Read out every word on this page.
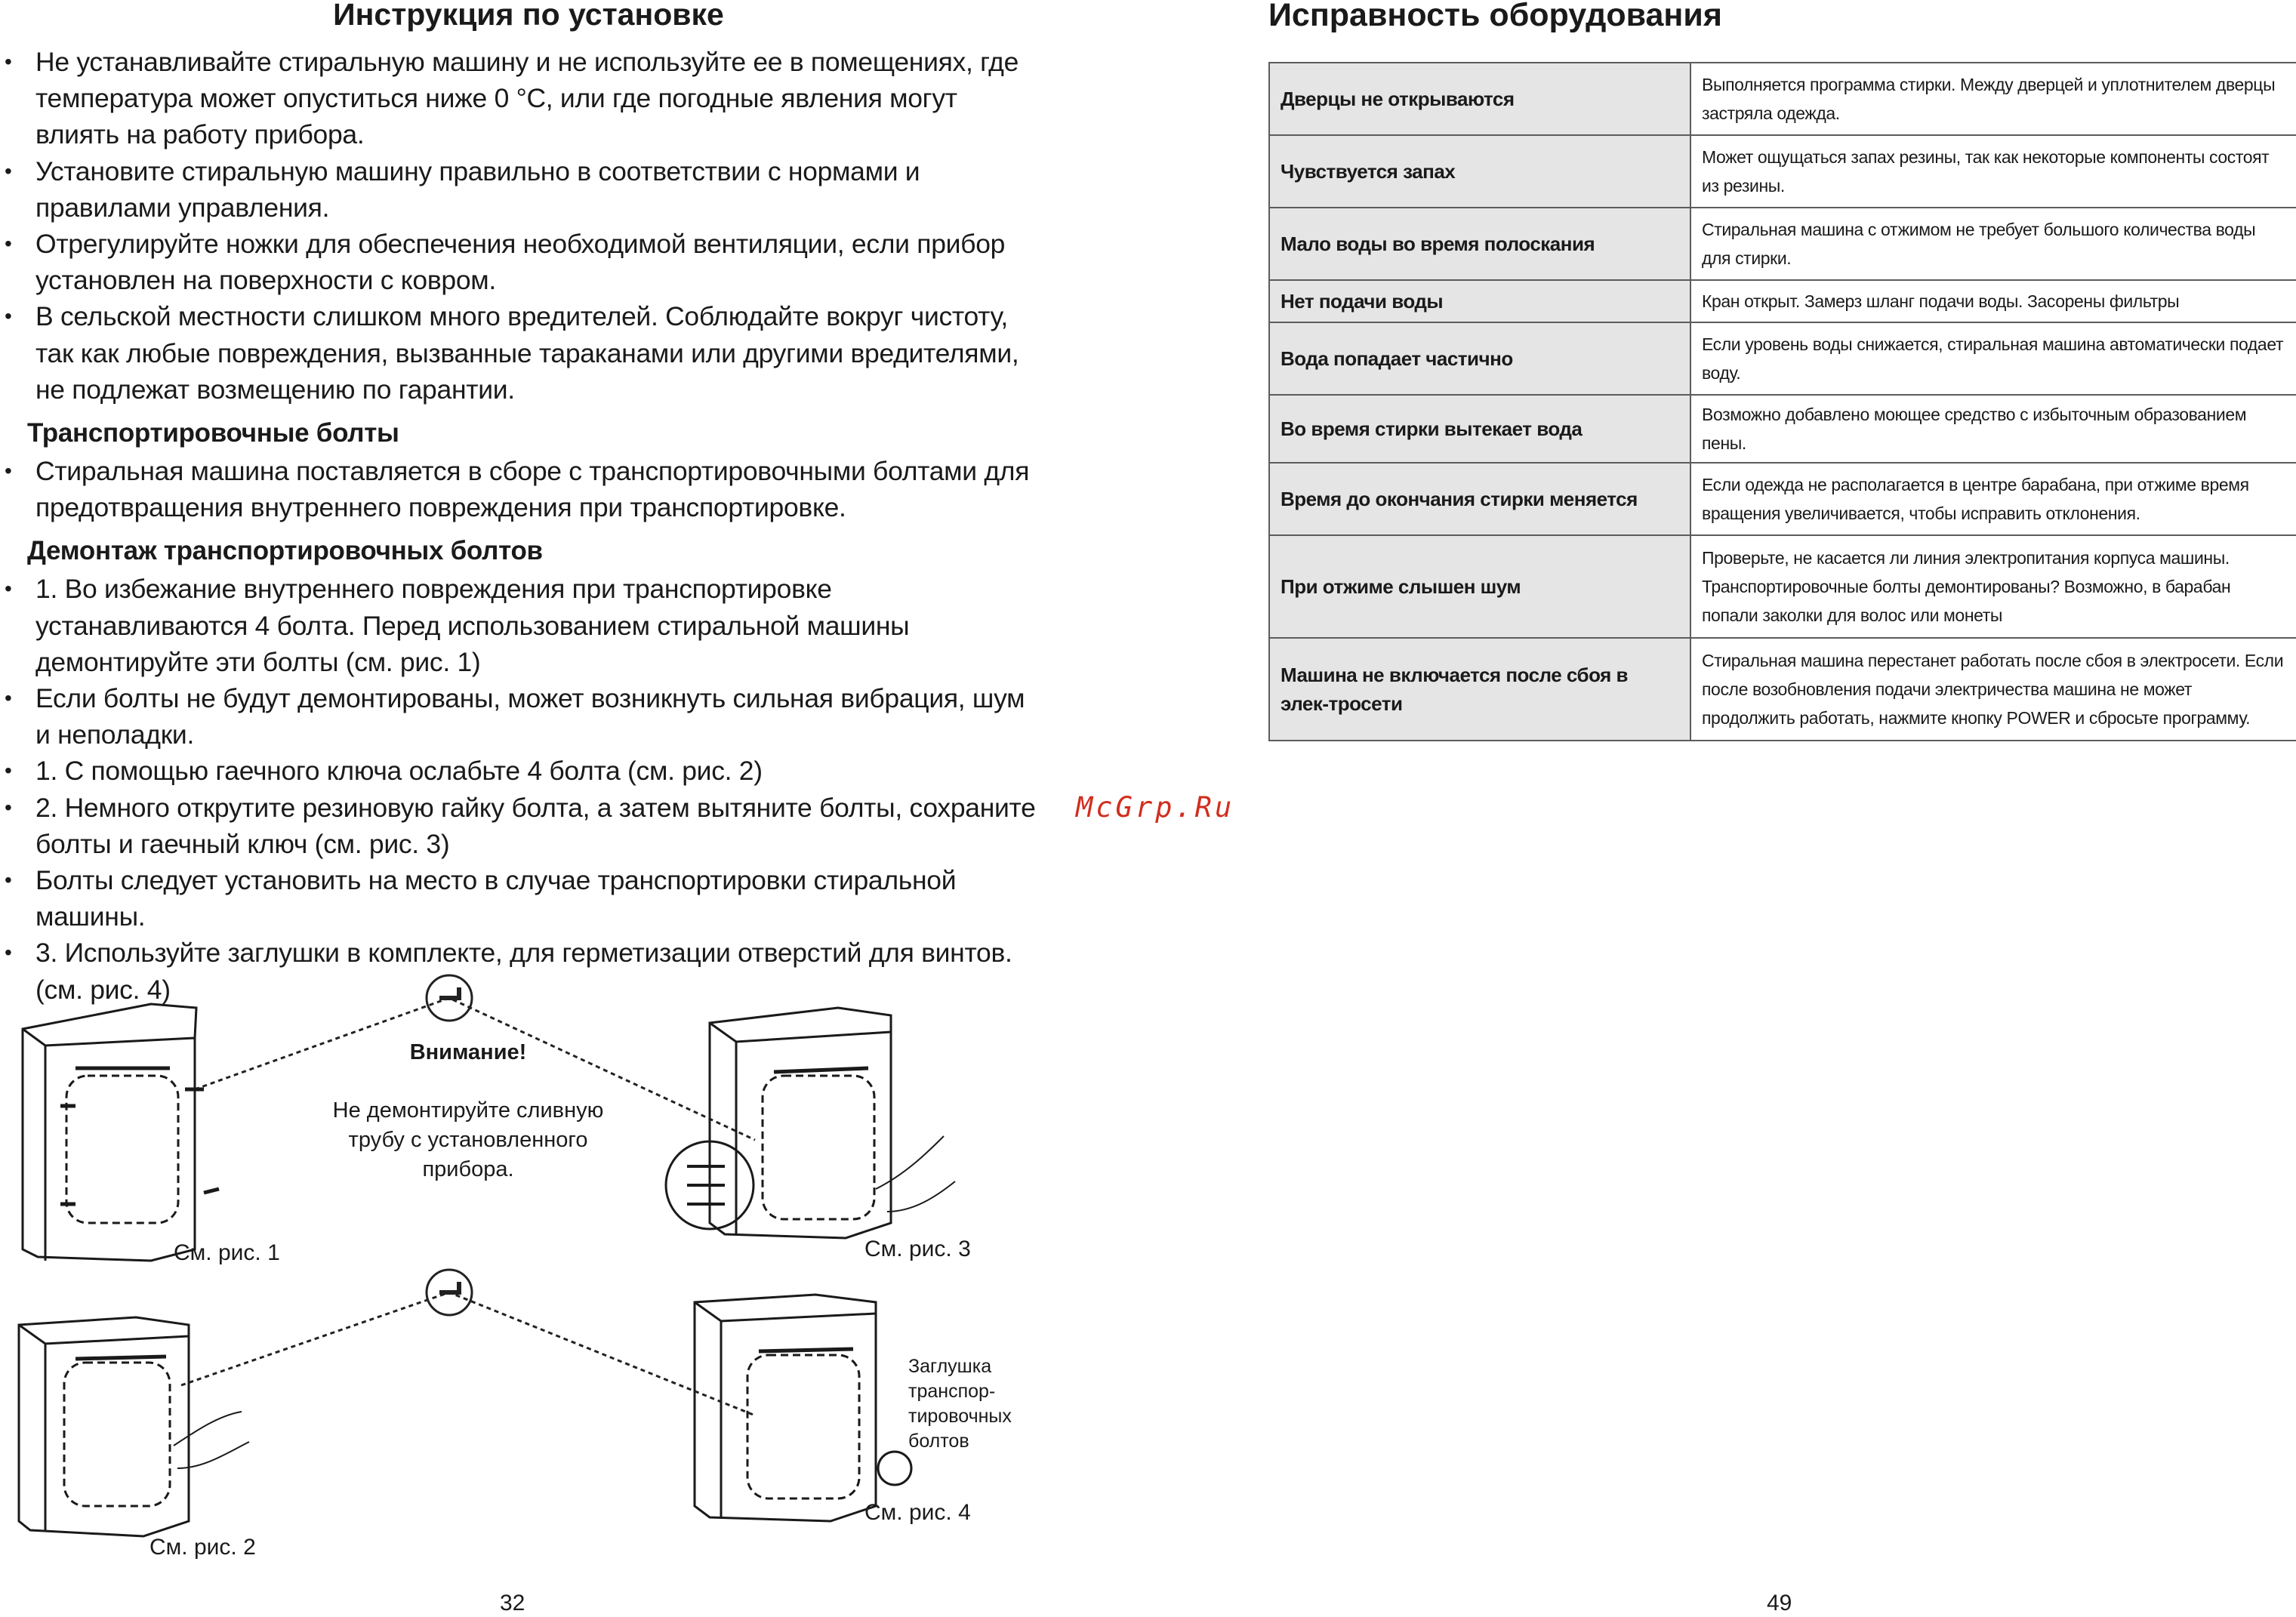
Инструкция по установке
• Не устанавливайте стиральную машину и не используйте ее в помещениях, где температура может опуститься ниже 0 °C, или где погодные явления могут влиять на работу прибора.
• Установите стиральную машину правильно в соответствии с нормами и правилами управления.
• Отрегулируйте ножки для обеспечения необходимой вентиляции, если прибор установлен на поверхности с ковром.
• В сельской местности слишком много вредителей. Соблюдайте вокруг чистоту, так как любые повреждения, вызванные тараканами или другими вредителями, не подлежат возмещению по гарантии.
Транспортировочные болты
• Стиральная машина поставляется в сборе с транспортировочными болтами для предотвращения внутреннего повреждения при транспортировке.
Демонтаж транспортировочных болтов
• 1. Во избежание внутреннего повреждения при транспортировке устанавливаются 4 болта. Перед использованием стиральной машины демонтируйте эти болты (см. рис. 1)
• Если болты не будут демонтированы, может возникнуть сильная вибрация, шум и неполадки.
• 1. С помощью гаечного ключа ослабьте 4 болта (см. рис. 2)
• 2. Немного открутите резиновую гайку болта, а затем вытяните болты, сохраните болты и гаечный ключ (см. рис. 3)
• Болты следует установить на место в случае транспортировки стиральной машины.
• 3. Используйте заглушки в комплекте, для герметизации отверстий для винтов. (см. рис. 4)
Внимание!
Не демонтируйте сливную трубу с установленного прибора.
См. рис. 1	См. рис. 3
См. рис. 2
См. рис. 4
Заглушка транспор-тировочных болтов
32
McGrp.Ru
Исправность оборудования
Дверцы не открываются	Выполняется программа стирки. Между дверцей и уплотнителем дверцы застряла одежда.
Чувствуется запах	Может ощущаться запах резины, так как некоторые компоненты состоят из резины.
Мало воды во время полоскания	Стиральная машина с отжимом не требует большого количества воды для стирки.
Нет подачи воды	Кран открыт. Замерз шланг подачи воды. Засорены фильтры
Вода попадает частично	Если уровень воды снижается, стиральная машина автоматически подает воду.
Во время стирки вытекает вода	Возможно добавлено моющее средство с избыточным образованием пены.
Время до окончания стирки меняется	Если одежда не располагается в центре барабана, при отжиме время вращения увеличивается, чтобы исправить отклонения.
При отжиме слышен шум	Проверьте, не касается ли линия электропитания корпуса машины. Транспортировочные болты демонтированы? Возможно, в барабан попали заколки для волос или монеты
Машина не включается после сбоя в элек-тросети	Стиральная машина перестанет работать после сбоя в электросети. Если после возобновления подачи электричества машина не может продолжить работать, нажмите кнопку POWER и сбросьте программу.
49
